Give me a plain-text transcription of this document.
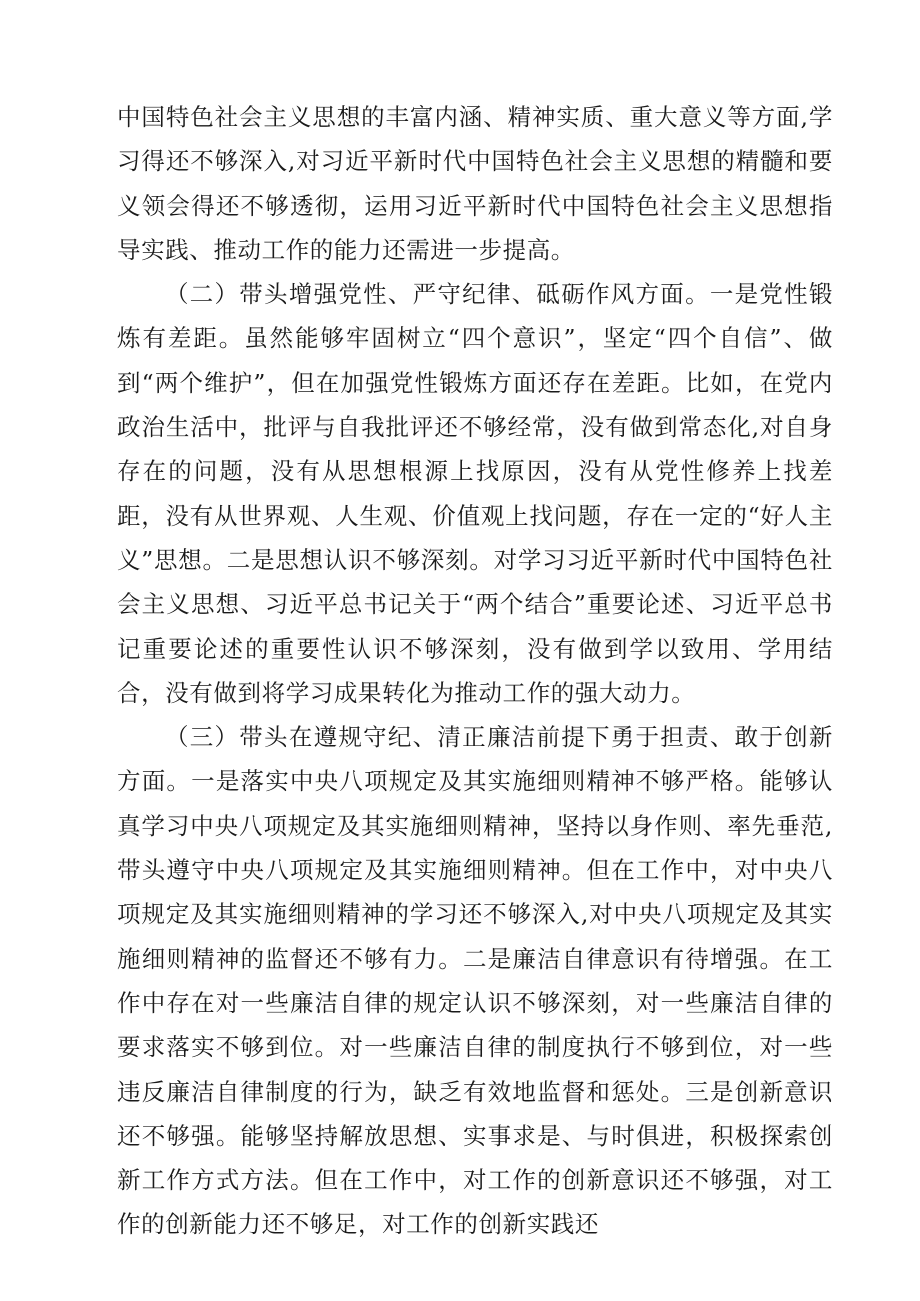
中国特色社会主义思想的丰富内涵、精神实质、重大意义等方面,学习得还不够深入,对习近平新时代中国特色社会主义思想的精髓和要义领会得还不够透彻，运用习近平新时代中国特色社会主义思想指导实践、推动工作的能力还需进一步提高。

（二）带头增强党性、严守纪律、砥砺作风方面。一是党性锻炼有差距。虽然能够牢固树立“四个意识”，坚定“四个自信”、做到“两个维护”，但在加强党性锻炼方面还存在差距。比如，在党内政治生活中，批评与自我批评还不够经常，没有做到常态化,对自身存在的问题，没有从思想根源上找原因，没有从党性修养上找差距，没有从世界观、人生观、价值观上找问题，存在一定的“好人主义”思想。二是思想认识不够深刻。对学习习近平新时代中国特色社会主义思想、习近平总书记关于“两个结合”重要论述、习近平总书记重要论述的重要性认识不够深刻，没有做到学以致用、学用结合，没有做到将学习成果转化为推动工作的强大动力。

（三）带头在遵规守纪、清正廉洁前提下勇于担责、敢于创新方面。一是落实中央八项规定及其实施细则精神不够严格。能够认真学习中央八项规定及其实施细则精神，坚持以身作则、率先垂范,带头遵守中央八项规定及其实施细则精神。但在工作中，对中央八项规定及其实施细则精神的学习还不够深入,对中央八项规定及其实施细则精神的监督还不够有力。二是廉洁自律意识有待增强。在工作中存在对一些廉洁自律的规定认识不够深刻，对一些廉洁自律的要求落实不够到位。对一些廉洁自律的制度执行不够到位，对一些违反廉洁自律制度的行为，缺乏有效地监督和惩处。三是创新意识还不够强。能够坚持解放思想、实事求是、与时俱进，积极探索创新工作方式方法。但在工作中，对工作的创新意识还不够强，对工作的创新能力还不够足，对工作的创新实践还
